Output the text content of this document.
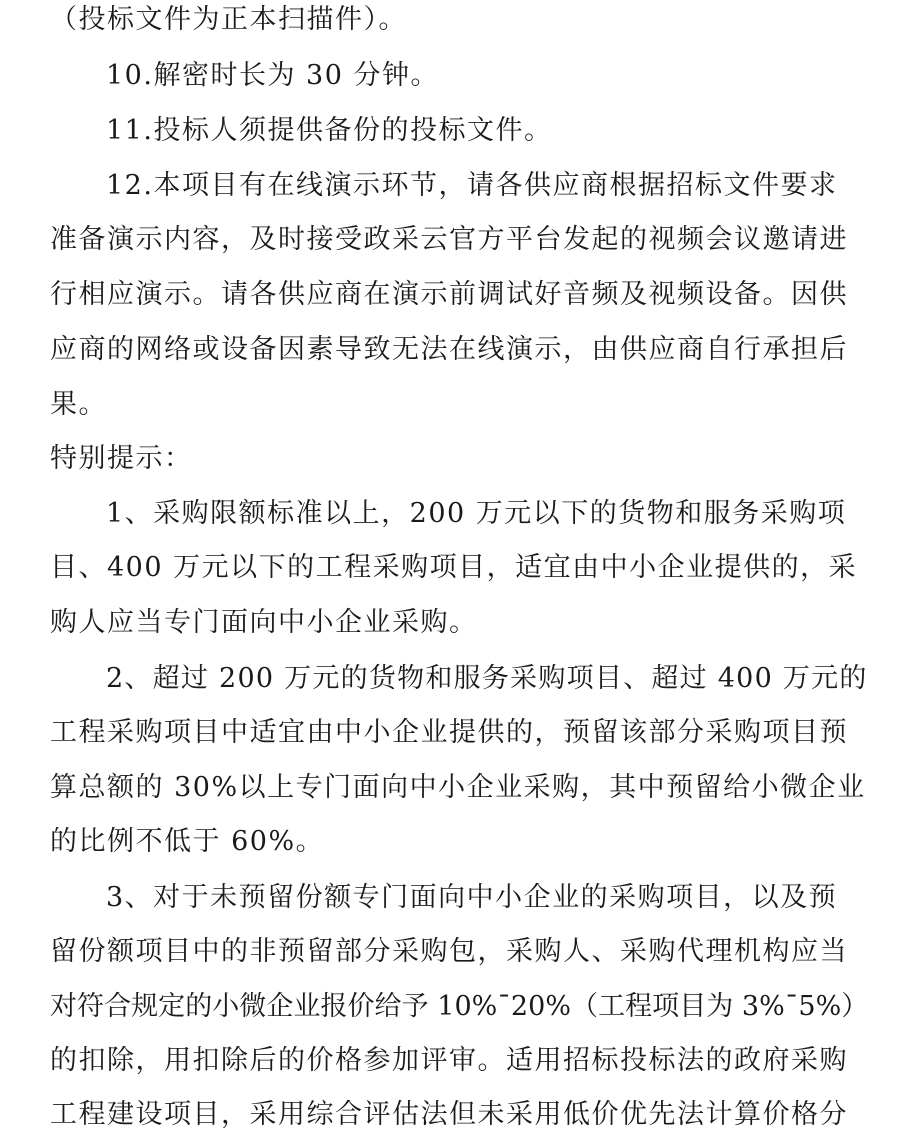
（投标文件为正本扫描件）。
10.解密时长为 30 分钟。
11.投标人须提供备份的投标文件。
12.本项目有在线演示环节，请各供应商根据招标文件要求
准备演示内容，及时接受政采云官方平台发起的视频会议邀请进
行相应演示。请各供应商在演示前调试好音频及视频设备。因供
应商的网络或设备因素导致无法在线演示，由供应商自行承担后
果。
特别提示：
1、采购限额标准以上，200 万元以下的货物和服务采购项
目、400 万元以下的工程采购项目，适宜由中小企业提供的，采
购人应当专门面向中小企业采购。
2、超过 200 万元的货物和服务采购项目、超过 400 万元的
工程采购项目中适宜由中小企业提供的，预留该部分采购项目预
算总额的 30%以上专门面向中小企业采购，其中预留给小微企业
的比例不低于 60%。
3、对于未预留份额专门面向中小企业的采购项目，以及预
留份额项目中的非预留部分采购包，采购人、采购代理机构应当
对符合规定的小微企业报价给予 10%¯20%（工程项目为 3%¯5%）
的扣除，用扣除后的价格参加评审。适用招标投标法的政府采购
工程建设项目，采用综合评估法但未采用低价优先法计算价格分
